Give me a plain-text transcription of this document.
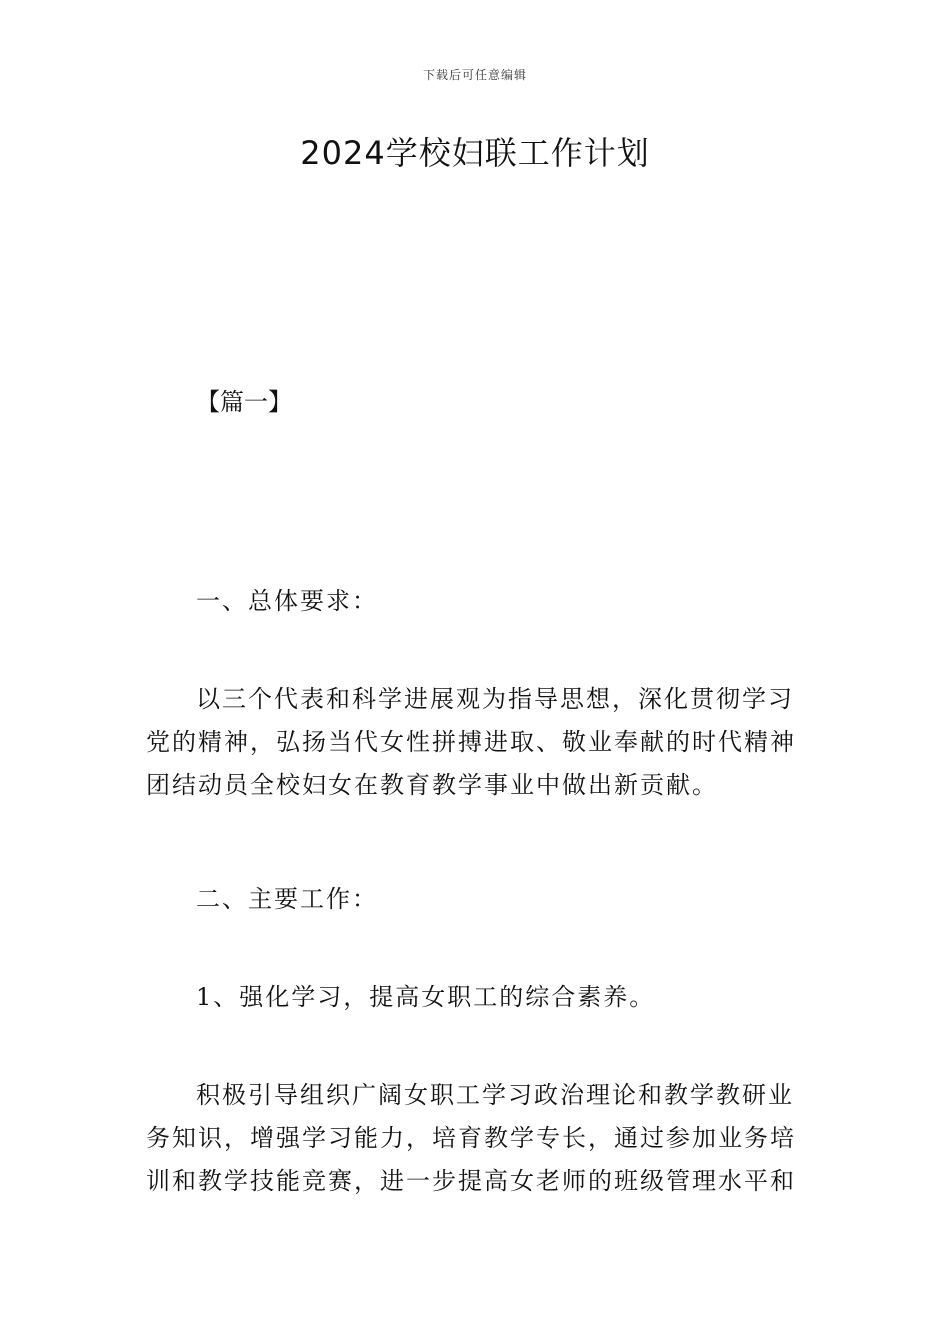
下载后可任意编辑
2024学校妇联工作计划
【篇一】

一、总体要求：

以三个代表和科学进展观为指导思想，深化贯彻学习党的精神，弘扬当代女性拼搏进取、敬业奉献的时代精神团结动员全校妇女在教育教学事业中做出新贡献。

二、主要工作：

1、强化学习，提高女职工的综合素养。

积极引导组织广阔女职工学习政治理论和教学教研业务知识，增强学习能力，培育教学专长，通过参加业务培训和教学技能竞赛，进一步提高女老师的班级管理水平和
